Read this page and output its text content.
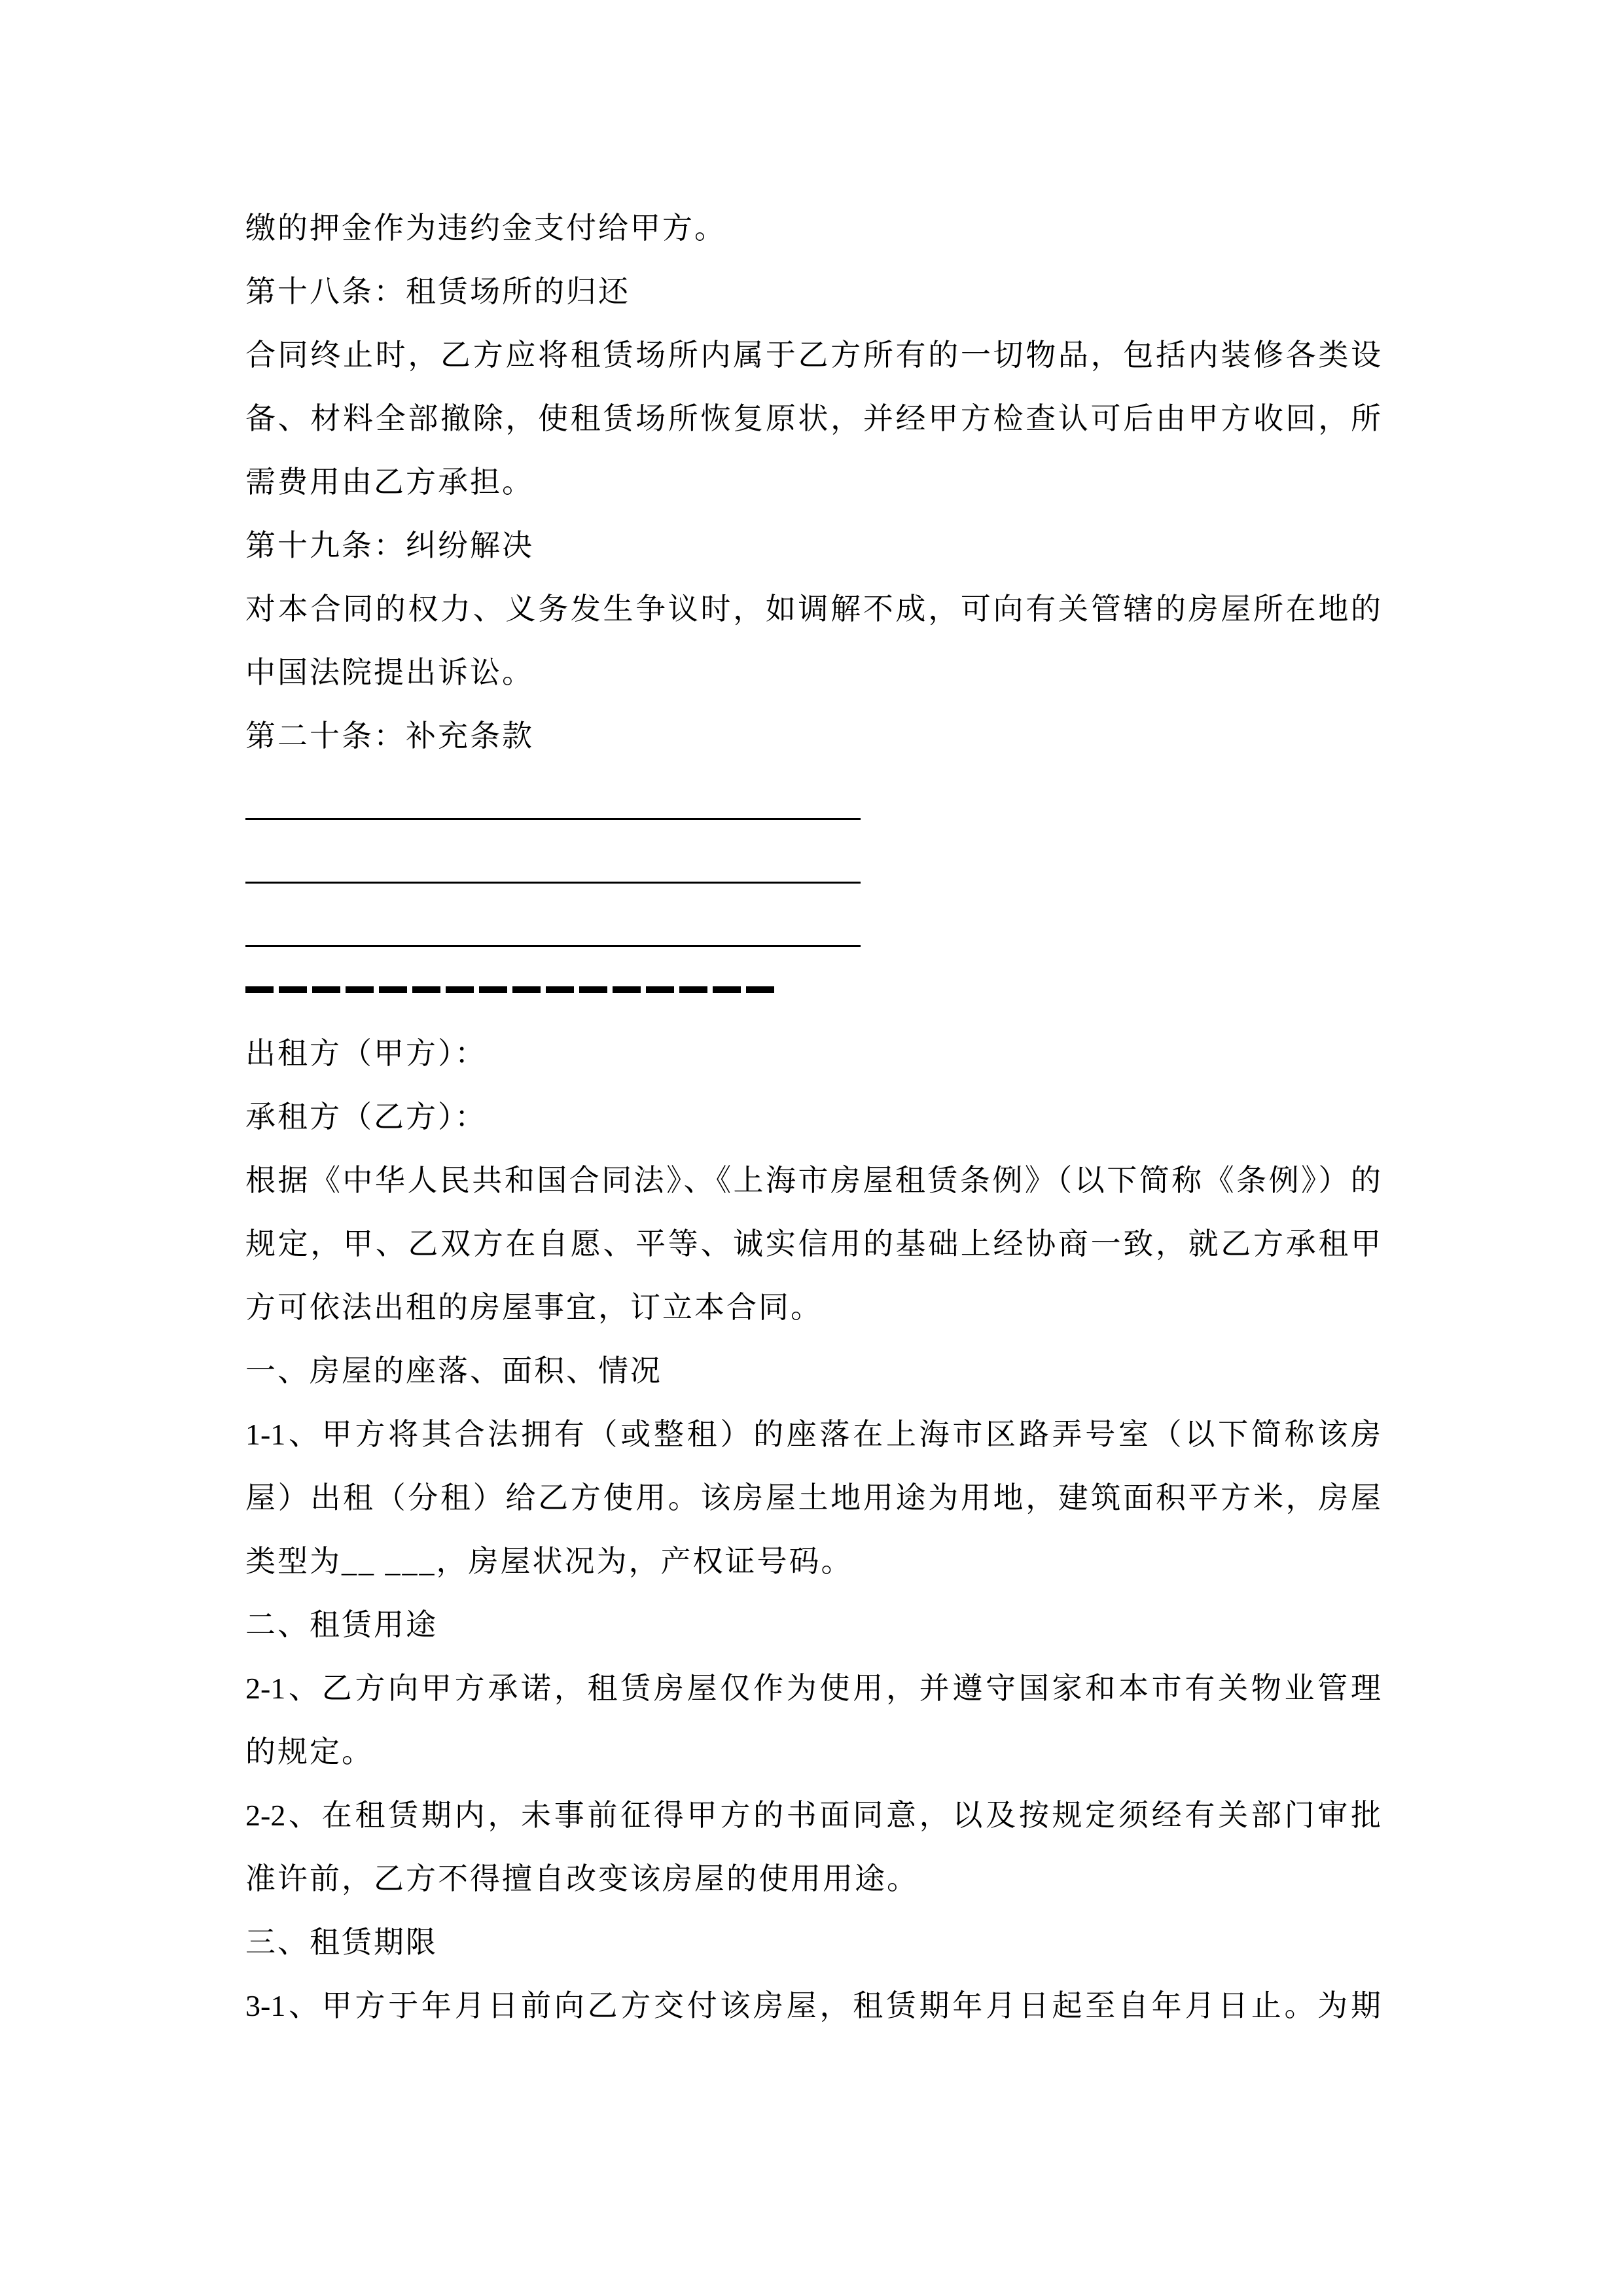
缴的押金作为违约金支付给甲方。
第十八条：租赁场所的归还
合同终止时，乙方应将租赁场所内属于乙方所有的一切物品，包括内装修各类设
备、材料全部撤除，使租赁场所恢复原状，并经甲方检查认可后由甲方收回，所
需费用由乙方承担。
第十九条：纠纷解决
对本合同的权力、义务发生争议时，如调解不成，可向有关管辖的房屋所在地的
中国法院提出诉讼。
第二十条：补充条款
出租方（甲方）：
承租方（乙方）：
根据《中华人民共和国合同法》、《上海市房屋租赁条例》（以下简称《条例》）的
规定，甲、乙双方在自愿、平等、诚实信用的基础上经协商一致，就乙方承租甲
方可依法出租的房屋事宜，订立本合同。
一、房屋的座落、面积、情况
1-1、甲方将其合法拥有（或整租）的座落在上海市区路弄号室（以下简称该房
屋）出租（分租）给乙方使用。该房屋土地用途为用地，建筑面积平方米，房屋
类型为__ ___，房屋状况为，产权证号码。
二、租赁用途
2-1、乙方向甲方承诺，租赁房屋仅作为使用，并遵守国家和本市有关物业管理
的规定。
2-2、在租赁期内，未事前征得甲方的书面同意，以及按规定须经有关部门审批
准许前，乙方不得擅自改变该房屋的使用用途。
三、租赁期限
3-1、甲方于年月日前向乙方交付该房屋，租赁期年月日起至自年月日止。为期
